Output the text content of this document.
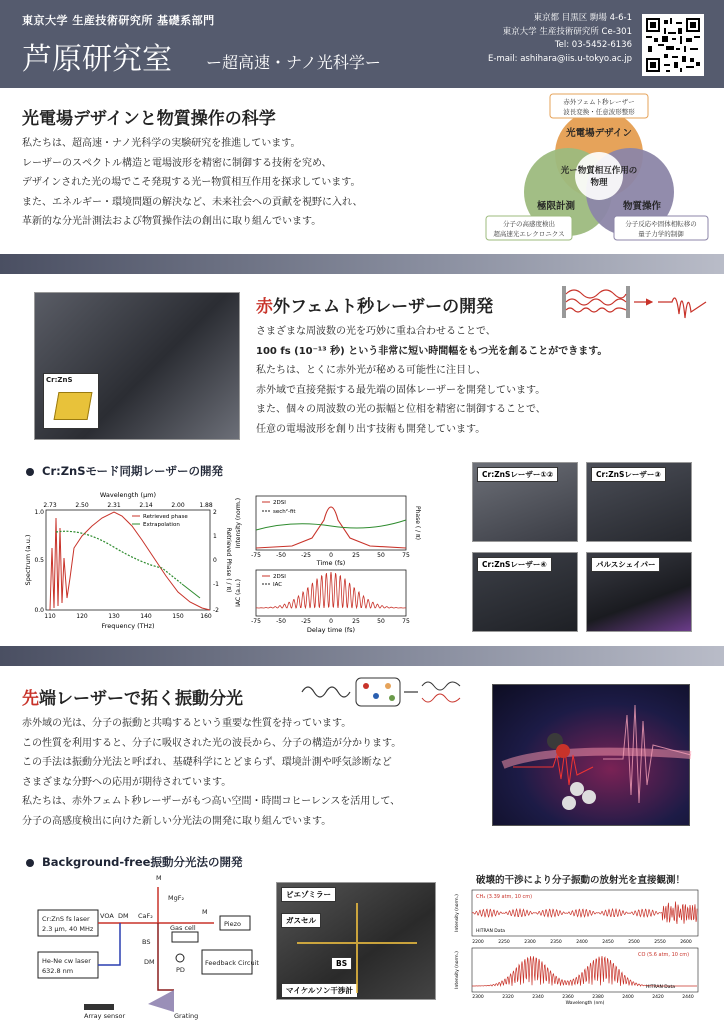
東京大学 生産技術研究所 基礎系部門
芦原研究室 ー超高速・ナノ光科学ー
東京都 目黒区 駒場 4-6-1
東京大学 生産技術研究所 Ce-301
Tel: 03-5452-6136
E-mail: ashihara@iis.u-tokyo.ac.jp
光電場デザインと物質操作の科学
私たちは、超高速・ナノ光科学の実験研究を推進しています。
レーザーのスペクトル構造と電場波形を精密に制御する技術を究め、
デザインされた光の場でこそ発現する光ー物質相互作用を探求しています。
また、エネルギー・環境問題の解決など、未来社会への貢献を視野に入れ、
革新的な分光計測法および物質操作法の創出に取り組んでいます。
赤外フェムト秒レーザー
波長変換・任意波形整形
光電場デザイン
光ー物質相互作用の
物理
極限計測	物質操作
分子の高感度検出
超高速光エレクロニクス
分子反応や固体相転移の
量子力学的制御
Cr:ZnS
赤外フェムト秒レーザーの開発
さまざまな周波数の光を巧妙に重ね合わせることで、
100 fs (10⁻¹³ 秒) という非常に短い時間幅をもつ光を創ることができます。
私たちは、とくに赤外光が秘める可能性に注目し、
赤外域で直接発振する最先端の固体レーザーを開発しています。
また、個々の周波数の光の振幅と位相を精密に制御することで、
任意の電場波形を創り出す技術も開発しています。
Cr:ZnSモード同期レーザーの開発
Wavelength (μm)
2.73	2.50	2.31	2.14	2.00 1.88
Retrieved phase
Extrapolation
110	120	130	140	150	160
Frequency (THz)
0.0
0.5
1.0
Spectrum (a.u.)
2
1
0
-1
-2
Retrieved Phase ( / π)
2DSI
sech²-fit
Intensity (norm.)	Phase ( / π)
-75	-50	-25	0	25	50	75
Time (fs)
2DSI
IAC
IAC (a.u.)
-75	-50	-25	0	25	50	75
Delay time (fs)
Cr:ZnSレーザー①②	Cr:ZnSレーザー③
Cr:ZnSレーザー④	パルスシェイパー
先端レーザーで拓く振動分光
赤外域の光は、分子の振動と共鳴するという重要な性質を持っています。
この性質を利用すると、分子に吸収された光の波長から、分子の構造が分かります。
この手法は振動分光法と呼ばれ、基礎科学にとどまらず、環境計測や呼気診断など
さまざまな分野への応用が期待されています。
私たちは、赤外フェムト秒レーザーがもつ高い空間・時間コヒーレンスを活用して、
分子の高感度検出に向けた新しい分光法の開発に取り組んでいます。
Background-free振動分光法の開発
Cr:ZnS fs laser
2.3 μm, 40 MHz
He-Ne cw laser
632.8 nm
VOA DM CaF₂
MgF₂
M
BS
DM
Gas cell
M
Piezo
PD
Feedback Circuit
Array sensor	Grating
ピエゾミラー
ガスセル
BS
マイケルソン干渉計
破壊的干渉により分子振動の放射光を直接観測！
CH₄ (3.39 atm, 10 cm)
HITRAN Data
Intensity (norm.)
2200	2250	2300	2350	2400	2450	2500	2550	2600
CO (5.6 atm, 10 cm)
HITRAN Data
Intensity (norm.)
2300	2320	2340	2360	2380	2400	2420	2440
Wavelength (nm)
